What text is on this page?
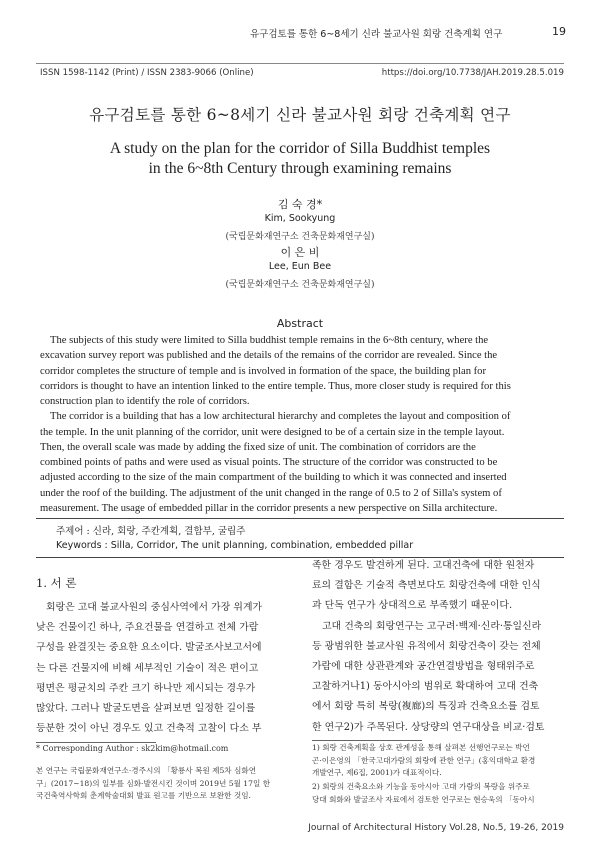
유구검토를 통한 6~8세기 신라 불교사원 회랑 건축계획 연구	19
ISSN 1598-1142 (Print) / ISSN 2383-9066 (Online)	https://doi.org/10.7738/JAH.2019.28.5.019
유구검토를 통한 6~8세기 신라 불교사원 회랑 건축계획 연구
A study on the plan for the corridor of Silla Buddhist temples
in the 6~8th Century through examining remains
김 숙 경*
Kim, Sookyung
(국립문화재연구소 건축문화재연구실)
이 은 비
Lee, Eun Bee
(국립문화재연구소 건축문화재연구실)
Abstract
The subjects of this study were limited to Silla buddhist temple remains in the 6~8th century, where the
excavation survey report was published and the details of the remains of the corridor are revealed. Since the
corridor completes the structure of temple and is involved in formation of the space, the building plan for
corridors is thought to have an intention linked to the entire temple. Thus, more closer study is required for this
construction plan to identify the role of corridors.
The corridor is a building that has a low architectural hierarchy and completes the layout and composition of
the temple. In the unit planning of the corridor, unit were designed to be of a certain size in the temple layout.
Then, the overall scale was made by adding the fixed size of unit. The combination of corridors are the
combined points of paths and were used as visual points. The structure of the corridor was constructed to be
adjusted according to the size of the main compartment of the building to which it was connected and inserted
under the roof of the building. The adjustment of the unit changed in the range of 0.5 to 2 of Silla's system of
measurement. The usage of embedded pillar in the corridor presents a new perspective on Silla architecture.
주제어 : 신라, 회랑, 주칸계획, 결합부, 굴립주
Keywords : Silla, Corridor, The unit planning, combination, embedded pillar
1. 서 론
회랑은 고대 불교사원의 중심사역에서 가장 위계가
낮은 건물이긴 하나, 주요건물을 연결하고 전체 가람
구성을 완결짓는 중요한 요소이다. 발굴조사보고서에
는 다른 건물지에 비해 세부적인 기술이 적은 편이고
평면은 평균치의 주칸 크기 하나만 제시되는 경우가
많았다. 그러나 발굴도면을 살펴보면 일정한 길이를
등분한 것이 아닌 경우도 있고 건축적 고찰이 다소 부
족한 경우도 발견하게 된다. 고대건축에 대한 원천자
료의 결함은 기술적 측면보다도 회랑건축에 대한 인식
과 단독 연구가 상대적으로 부족했기 때문이다.
고대 건축의 회랑연구는 고구려·백제·신라·통일신라
등 광범위한 불교사원 유적에서 회랑건축이 갖는 전체
가람에 대한 상관관계와 공간연결방법을 형태위주로
고찰하거나1) 동아시아의 범위로 확대하여 고대 건축
에서 회랑 특히 복랑(複廊)의 특징과 건축요소를 검토
한 연구2)가 주목된다. 상당량의 연구대상을 비교·검토
* Corresponding Author : sk2kim@hotmail.com
본 연구는 국립문화재연구소·경주시의 「황룡사 복원 제5차 심화연
구」(2017~18)의 일부를 심화·발전시킨 것이며 2019년 5월 17일 한
국건축역사학회 춘계학술대회 발표 원고를 기반으로 보완한 것임.
1) 회랑 건축계획을 상호 관계성을 통해 살펴본 선행연구로는 박언
곤·이은영의 「한국고대가람의 회랑에 관한 연구」(홍익대학교 환경
개발연구, 제6집, 2001)가 대표적이다.
2) 회랑의 건축요소와 기능을 동아시아 고대 가람의 복랑을 위주로
당대 회화와 발굴조사 자료에서 검토한 연구로는 현승욱의 「동아시
Journal of Architectural History Vol.28, No.5, 19-26, 2019
